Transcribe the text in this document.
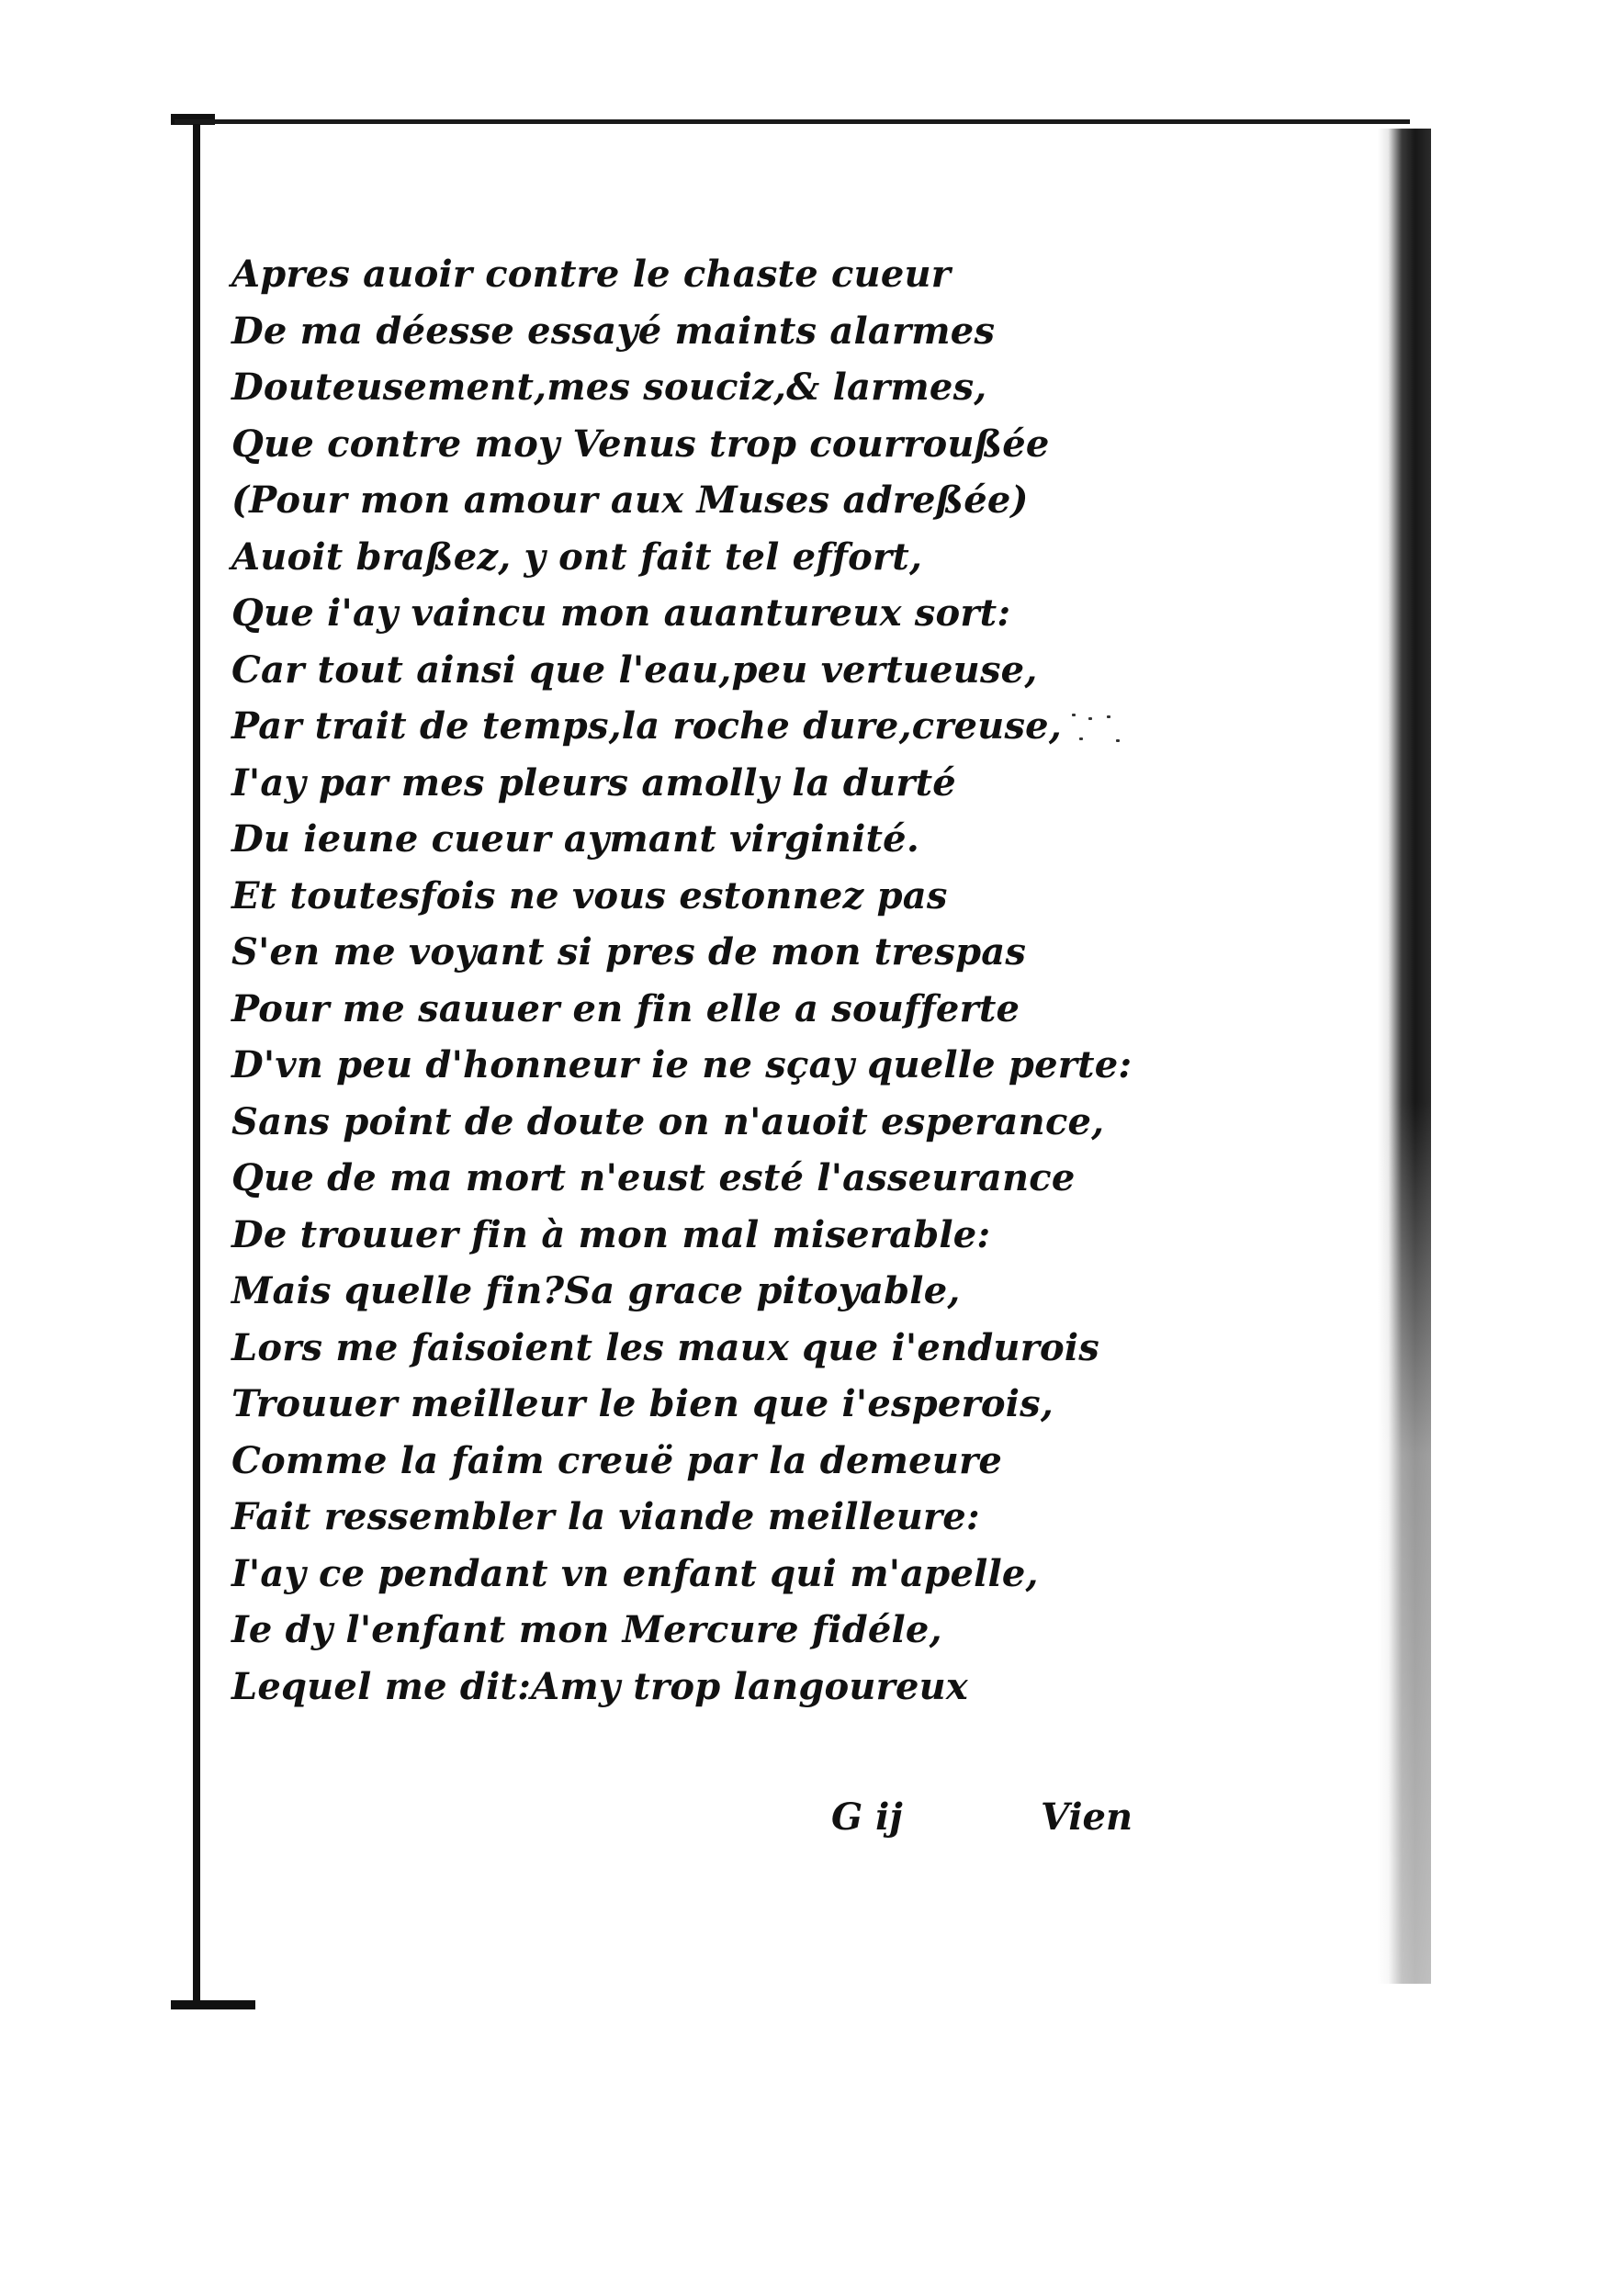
Apres auoir contre le chaste cueur
De ma déesse essayé maints alarmes
Douteusement,mes souciz,& larmes,
Que contre moy Venus trop courroußée
(Pour mon amour aux Muses adreßée)
Auoit braßez, y ont fait tel effort,
Que i'ay vaincu mon auantureux sort:
Car tout ainsi que l'eau,peu vertueuse,
Par trait de temps,la roche dure,creuse,
I'ay par mes pleurs amolly la durté
Du ieune cueur aymant virginité.
Et toutesfois ne vous estonnez pas
S'en me voyant si pres de mon trespas
Pour me sauuer en fin elle a soufferte
D'vn peu d'honneur ie ne sçay quelle perte:
Sans point de doute on n'auoit esperance,
Que de ma mort n'eust esté l'asseurance
De trouuer fin à mon mal miserable:
Mais quelle fin?Sa grace pitoyable,
Lors me faisoient les maux que i'endurois
Trouuer meilleur le bien que i'esperois,
Comme la faim creuë par la demeure
Fait ressembler la viande meilleure:
I'ay ce pendant vn enfant qui m'apelle,
Ie dy l'enfant mon Mercure fidéle,
Lequel me dit:Amy trop langoureux
G ij	Vien
